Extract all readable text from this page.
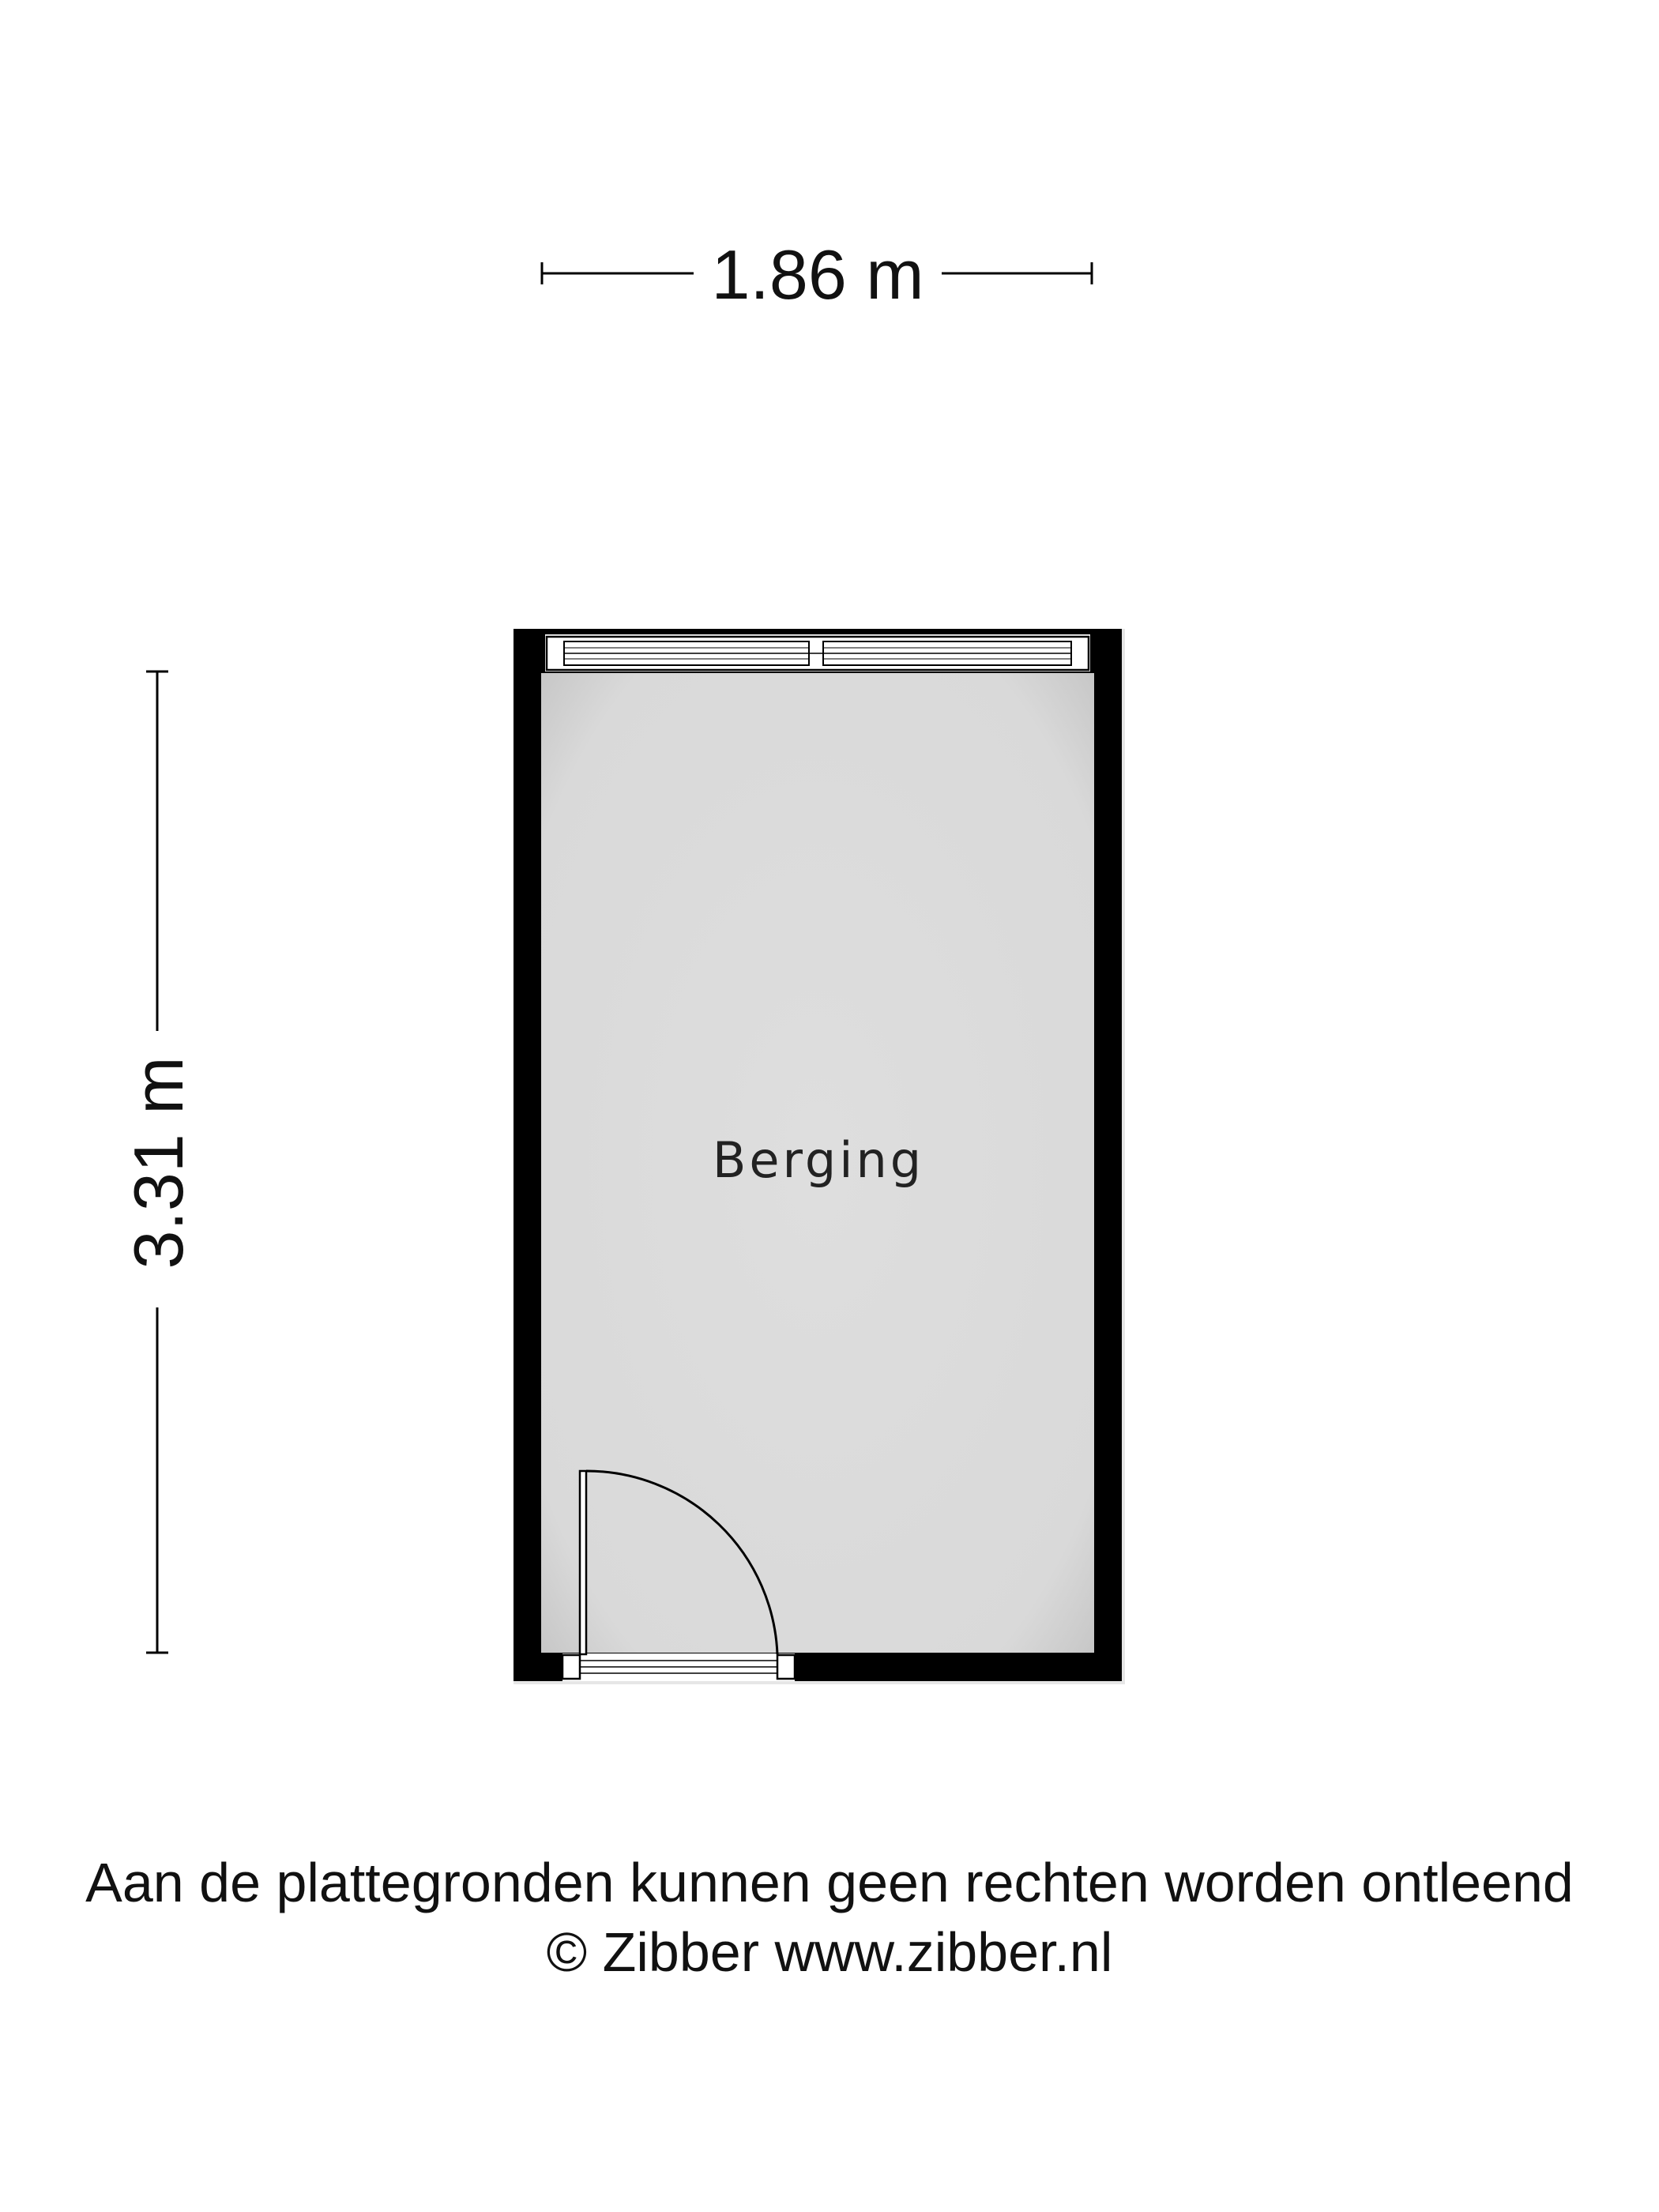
1.86 m
3.31 m	Berging
Aan de plattegronden kunnen geen rechten worden ontleend
© Zibber www.zibber.nl
